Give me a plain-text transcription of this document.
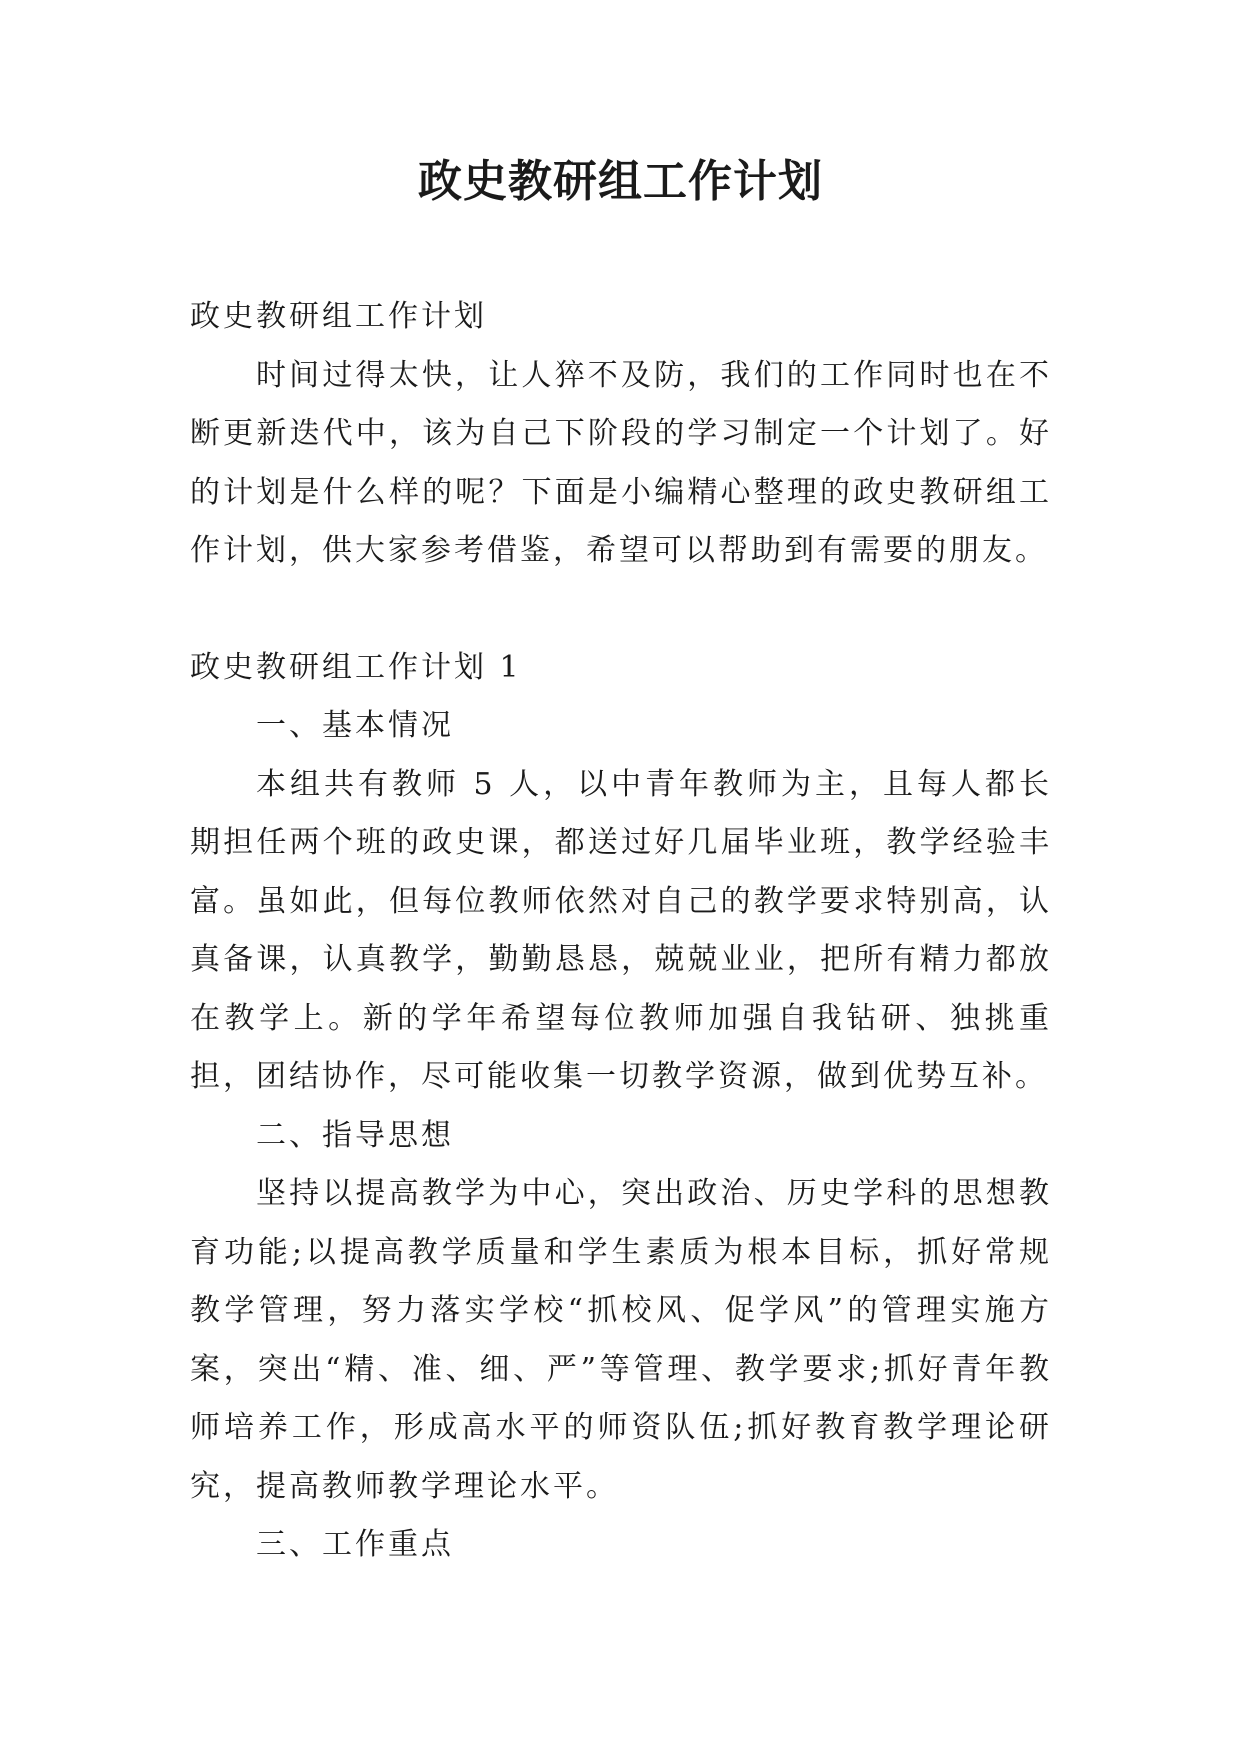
政史教研组工作计划

政史教研组工作计划

时间过得太快，让人猝不及防，我们的工作同时也在不断更新迭代中，该为自己下阶段的学习制定一个计划了。好的计划是什么样的呢？下面是小编精心整理的政史教研组工作计划，供大家参考借鉴，希望可以帮助到有需要的朋友。

政史教研组工作计划 1

一、基本情况

本组共有教师 5 人，以中青年教师为主，且每人都长期担任两个班的政史课，都送过好几届毕业班，教学经验丰富。虽如此，但每位教师依然对自己的教学要求特别高，认真备课，认真教学，勤勤恳恳，兢兢业业，把所有精力都放在教学上。新的学年希望每位教师加强自我钻研、独挑重担，团结协作，尽可能收集一切教学资源，做到优势互补。

二、指导思想

坚持以提高教学为中心，突出政治、历史学科的思想教育功能;以提高教学质量和学生素质为根本目标，抓好常规教学管理，努力落实学校“抓校风、促学风”的管理实施方案，突出“精、准、细、严”等管理、教学要求;抓好青年教师培养工作，形成高水平的师资队伍;抓好教育教学理论研究，提高教师教学理论水平。

三、工作重点
